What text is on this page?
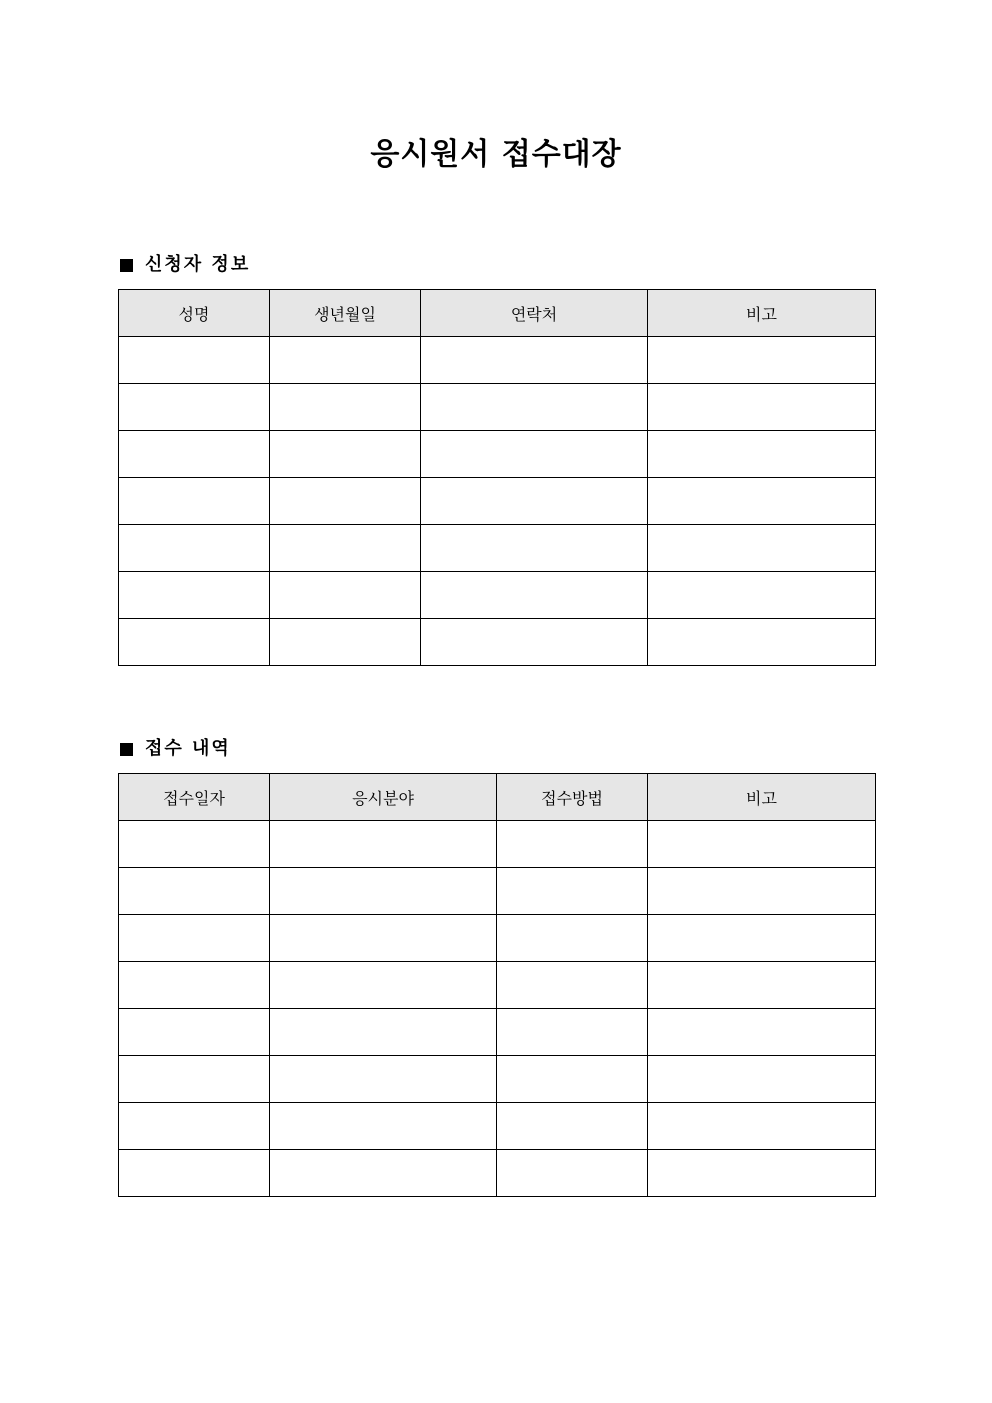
응시원서 접수대장
신청자 정보
성명	생년월일	연락처	비고

접수 내역
접수일자	응시분야	접수방법	비고
